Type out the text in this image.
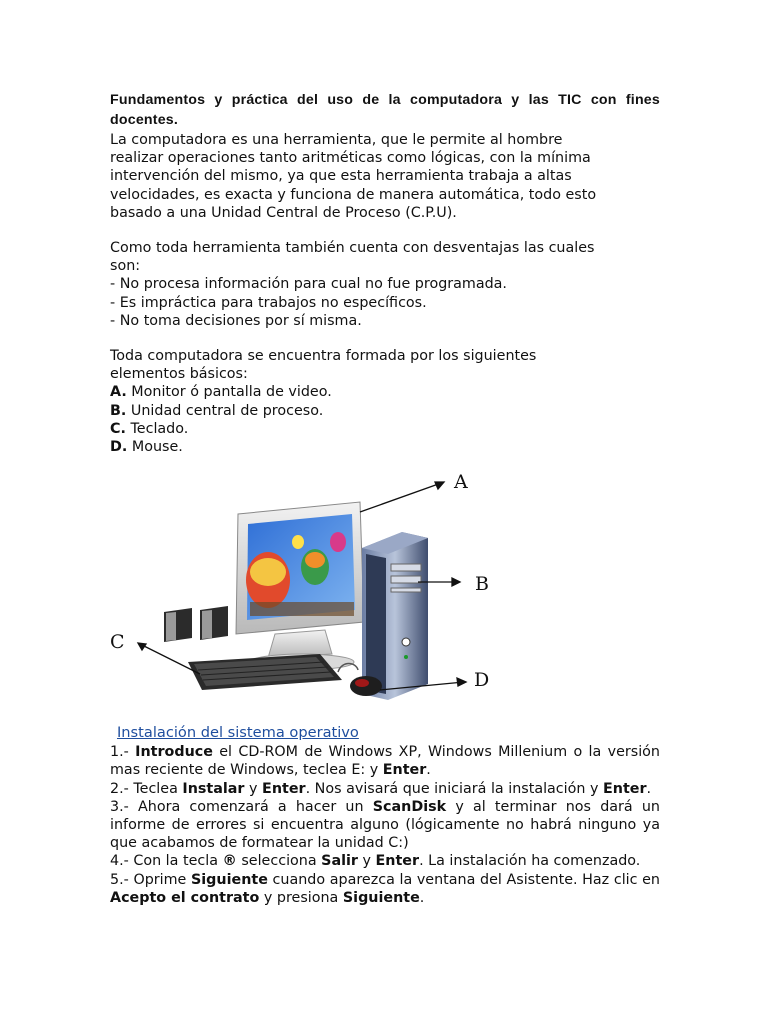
Fundamentos y práctica del uso de la computadora y las TIC con fines docentes.
La computadora es una herramienta, que le permite al hombre
realizar operaciones tanto aritméticas como lógicas, con la mínima
intervención del mismo, ya que esta herramienta trabaja a altas
velocidades, es exacta y funciona de manera automática, todo esto
basado a una Unidad Central de Proceso (C.P.U).
Como toda herramienta también cuenta con desventajas las cuales
son:
- No procesa información para cual no fue programada.
- Es impráctica para trabajos no específicos.
- No toma decisiones por sí misma.
Toda computadora se encuentra formada por los siguientes
elementos básicos:
A. Monitor ó pantalla de video.
B. Unidad central de proceso.
C. Teclado.
D. Mouse.
A
B
C
D
Instalación del sistema operativo
1.- Introduce el CD-ROM de Windows XP, Windows Millenium o la versión mas reciente de Windows, teclea E: y Enter.
2.- Teclea Instalar y Enter. Nos avisará que iniciará la instalación y Enter.
3.- Ahora comenzará a hacer un ScanDisk y al terminar nos dará un informe de errores si encuentra alguno (lógicamente no habrá ninguno ya que acabamos de formatear la unidad C:)
4.- Con la tecla ® selecciona Salir y Enter. La instalación ha comenzado.
5.- Oprime Siguiente cuando aparezca la ventana del Asistente. Haz clic en Acepto el contrato y presiona Siguiente.
